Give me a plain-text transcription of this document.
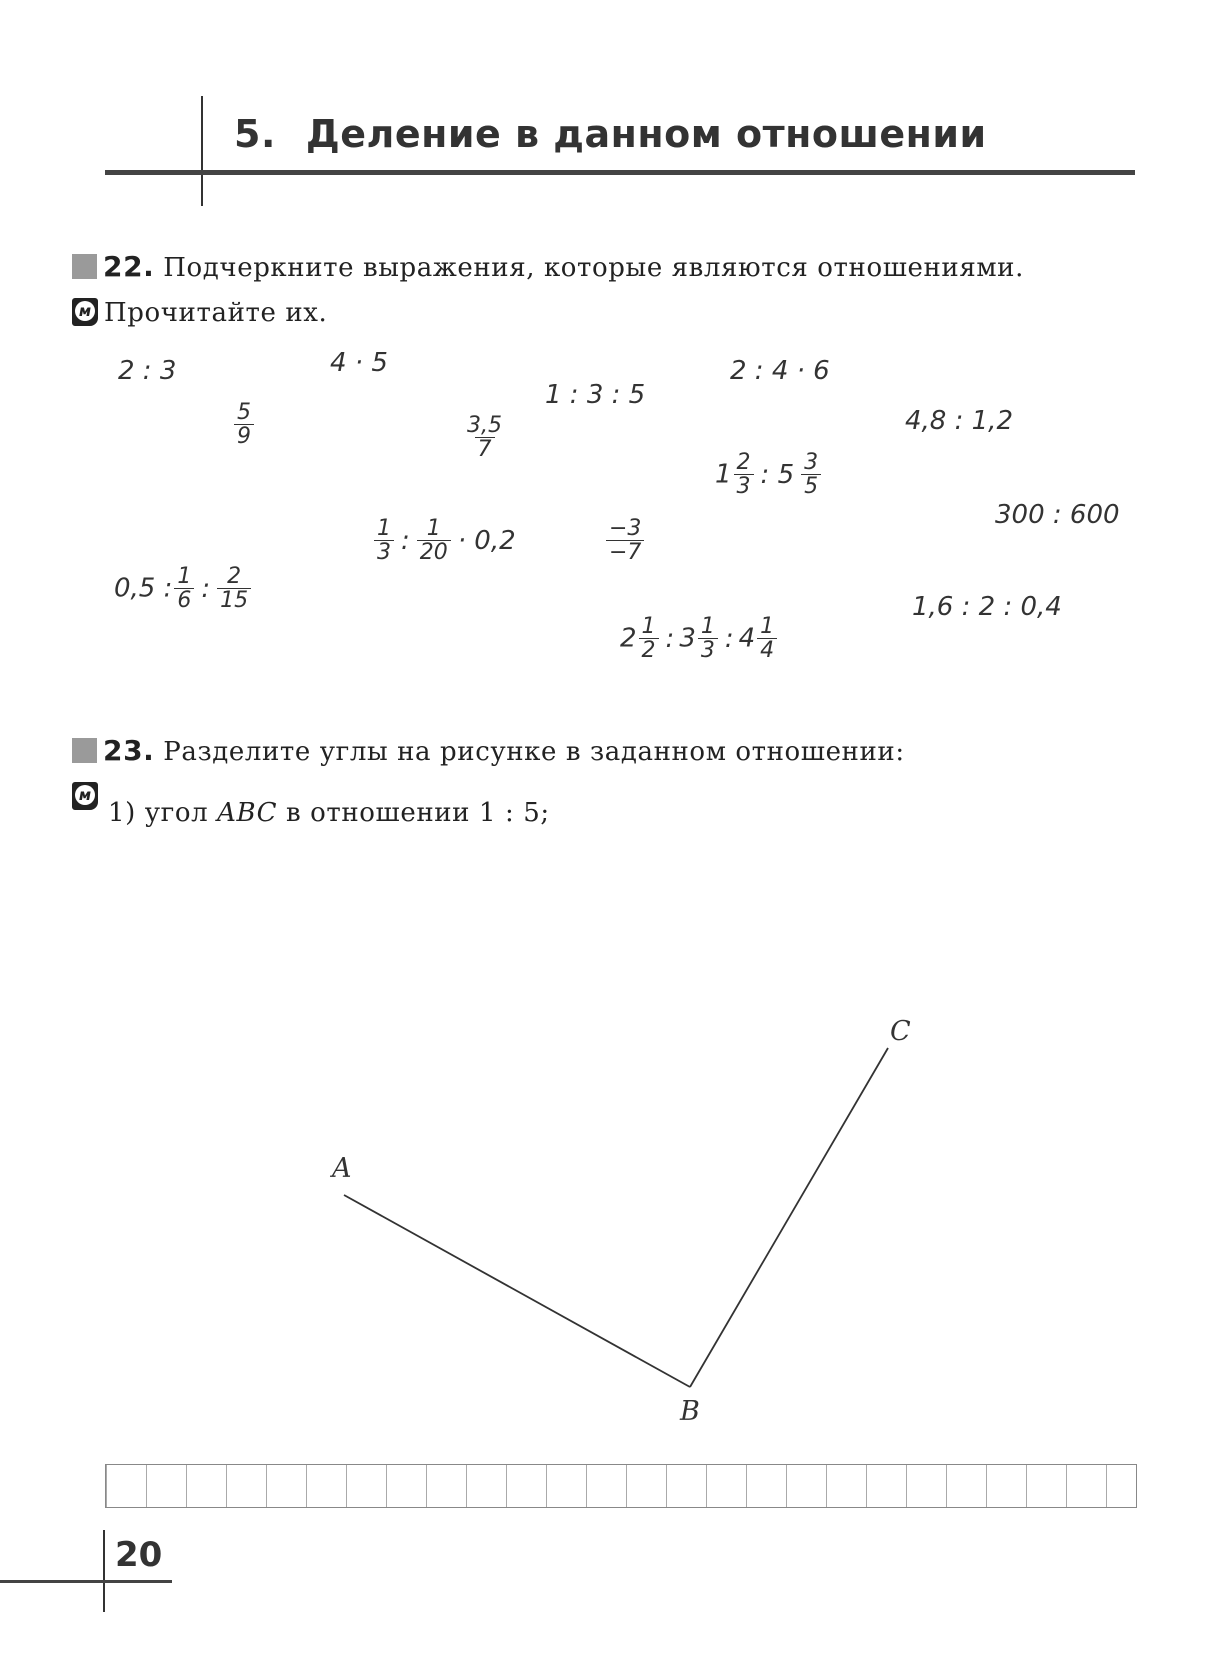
5. Деление в данном отношении
22. Подчеркните выражения, которые являются отношениями.
м Прочитайте их.
2 : 3	4 · 5
1 : 3 : 5
2 : 4 · 6
$\frac{5}{9}$	$\frac{3,5}{7}$	4,8 : 1,2
$1 \frac{2}{3}$ : $5 \frac{3}{5}$
300 : 600
$\frac{1}{3}$ : $\frac{1}{20} \cdot 0,2$	$\frac{-3}{-7}$
0,5 : $\frac{1}{6}$ : $\frac{2}{15}$	1,6 : 2 : 0,4
$2 \frac{1}{2}$ : $3 \frac{1}{3}$ : $4 \frac{1}{4}$
23. Разделите углы на рисунке в заданном отношении:
м
1) угол ABC в отношении 1 : 5;
A
B
C
20
